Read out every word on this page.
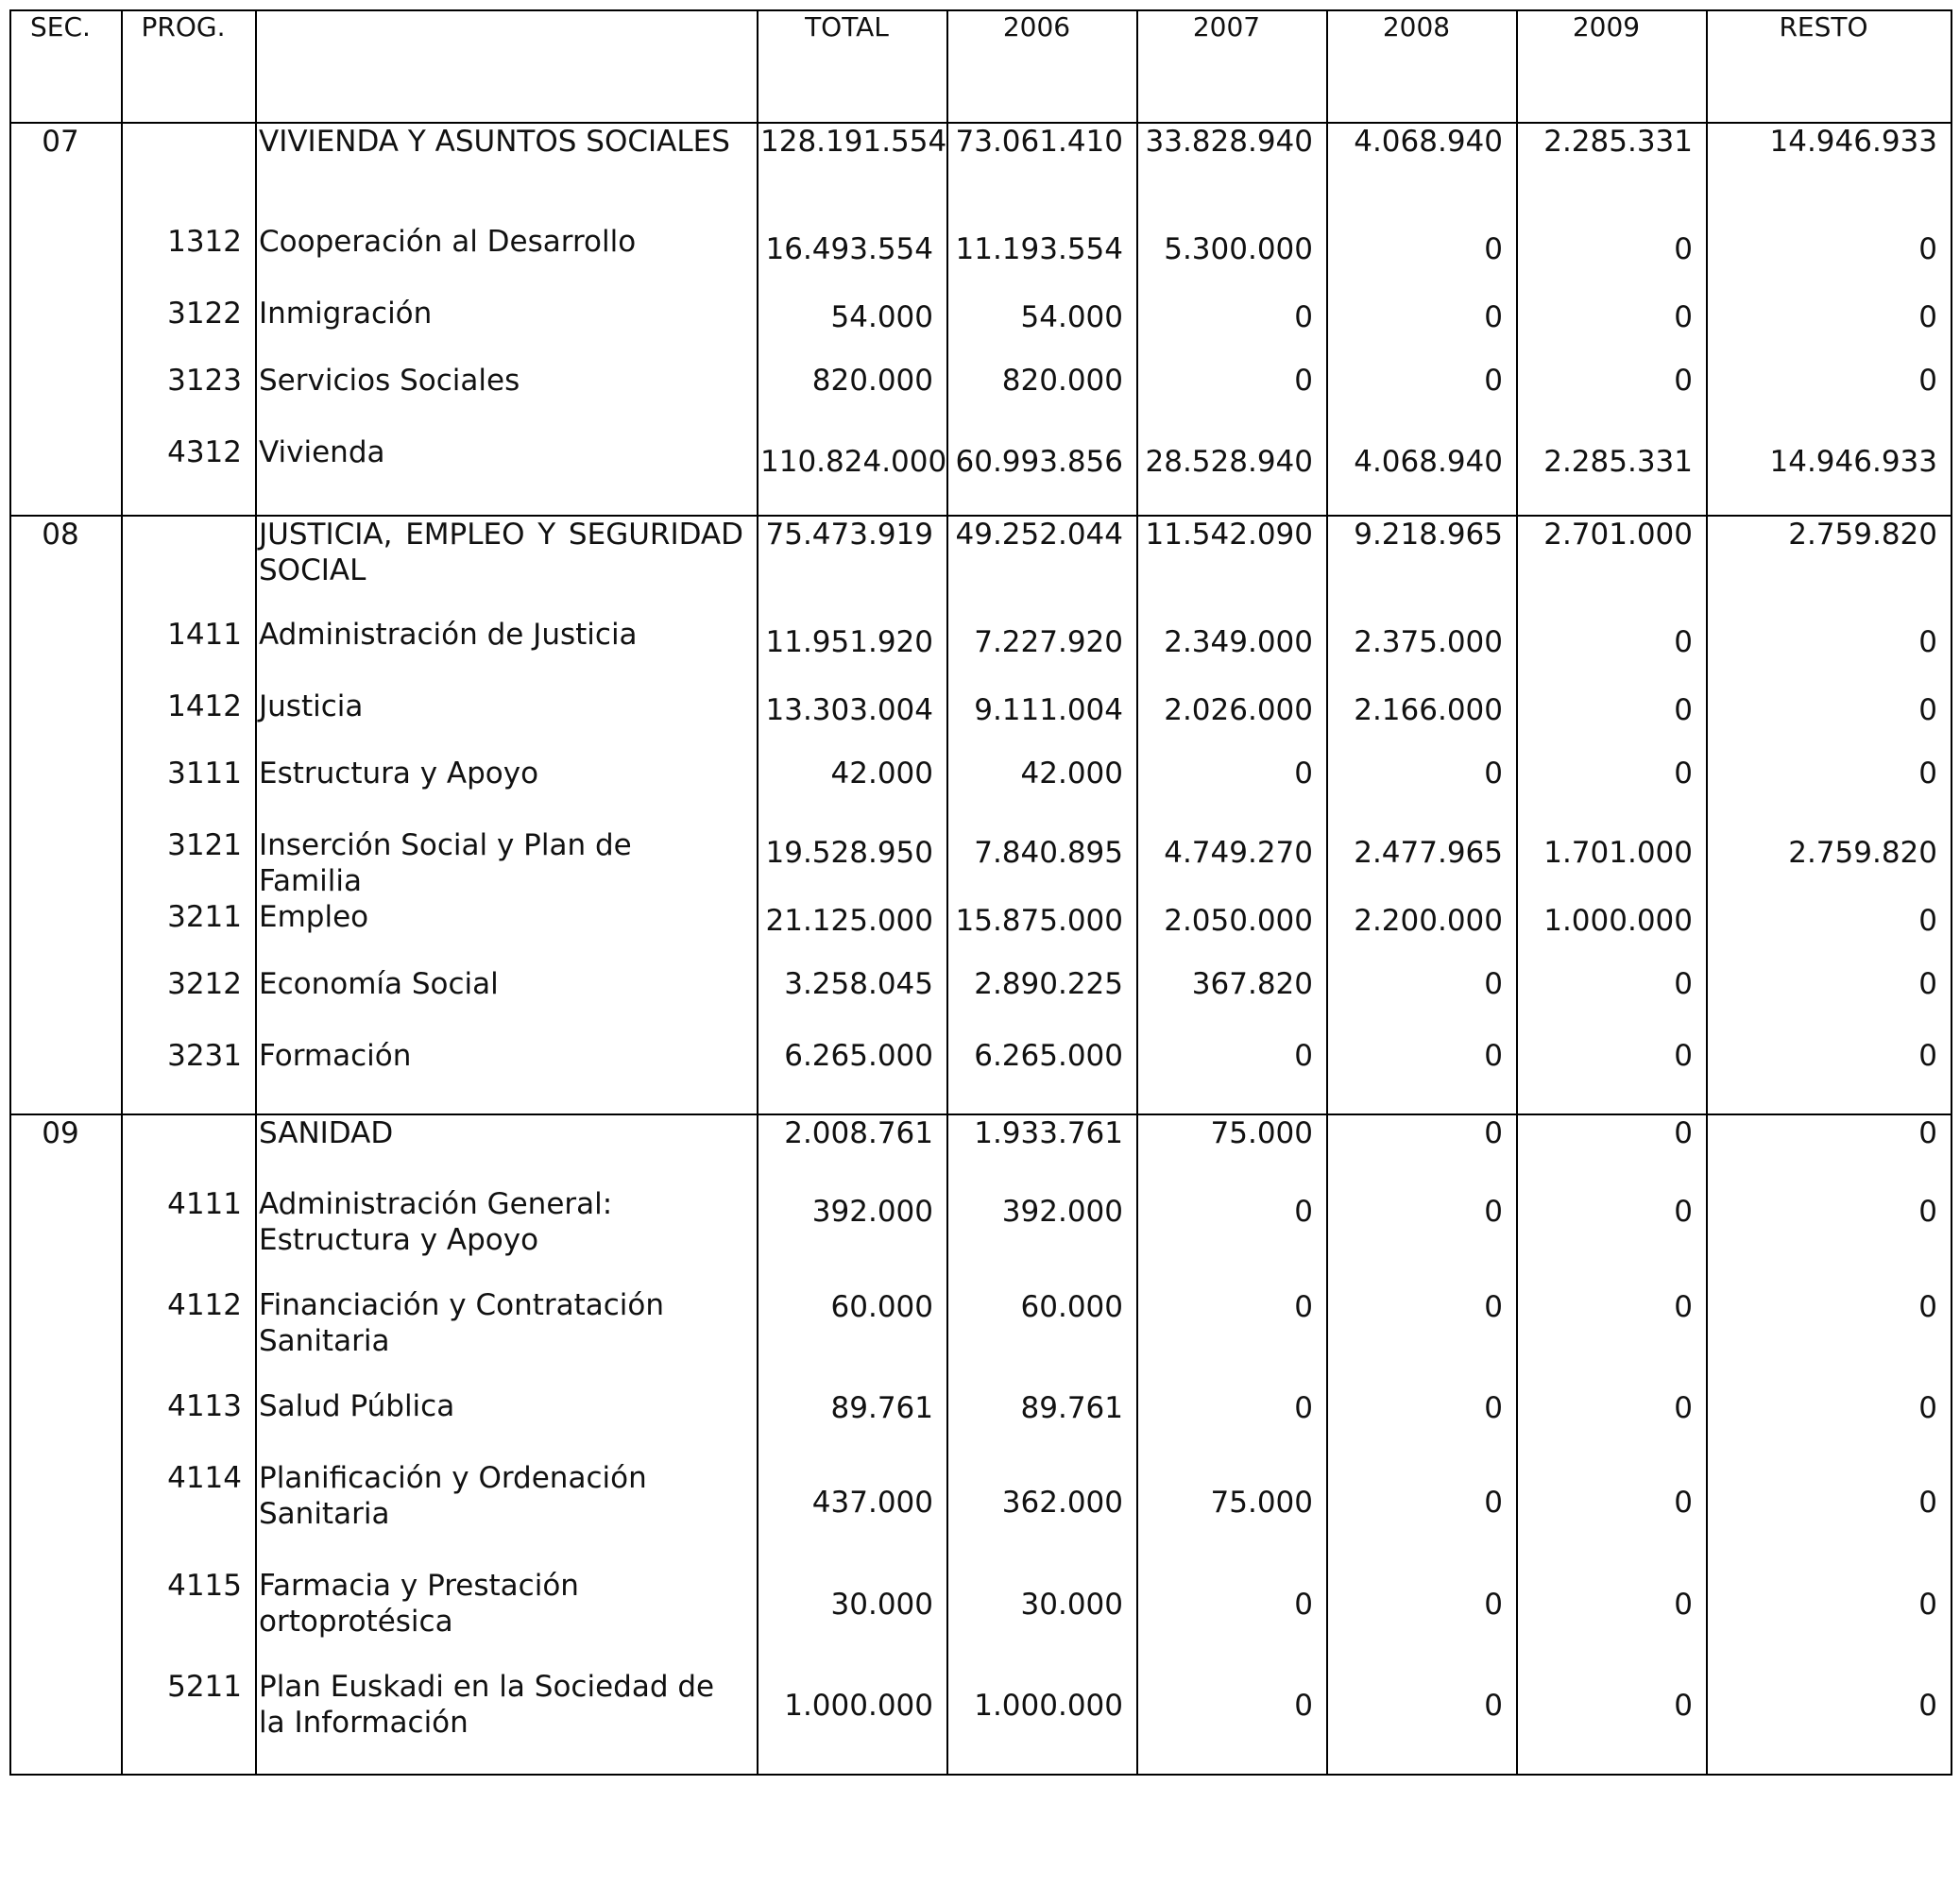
SEC.	PROG.		TOTAL	2006	2007	2008	2009	RESTO
07		VIVIENDA Y ASUNTOS SOCIALES	128.191.554	73.061.410	33.828.940	4.068.940	2.285.331	14.946.933
	1312	Cooperación al Desarrollo	16.493.554	11.193.554	5.300.000	0	0	0
	3122	Inmigración	54.000	54.000	0	0	0	0
	3123	Servicios Sociales	820.000	820.000	0	0	0	0
	4312	Vivienda	110.824.000	60.993.856	28.528.940	4.068.940	2.285.331	14.946.933
08		JUSTICIA, EMPLEO Y SEGURIDAD SOCIAL	75.473.919	49.252.044	11.542.090	9.218.965	2.701.000	2.759.820
	1411	Administración de Justicia	11.951.920	7.227.920	2.349.000	2.375.000	0	0
	1412	Justicia	13.303.004	9.111.004	2.026.000	2.166.000	0	0
	3111	Estructura y Apoyo	42.000	42.000	0	0	0	0
	3121	Inserción Social y Plan de Familia	19.528.950	7.840.895	4.749.270	2.477.965	1.701.000	2.759.820
	3211	Empleo	21.125.000	15.875.000	2.050.000	2.200.000	1.000.000	0
	3212	Economía Social	3.258.045	2.890.225	367.820	0	0	0
	3231	Formación	6.265.000	6.265.000	0	0	0	0
09		SANIDAD	2.008.761	1.933.761	75.000	0	0	0
	4111	Administración General: Estructura y Apoyo	392.000	392.000	0	0	0	0
	4112	Financiación y Contratación Sanitaria	60.000	60.000	0	0	0	0
	4113	Salud Pública	89.761	89.761	0	0	0	0
	4114	Planificación y Ordenación Sanitaria	437.000	362.000	75.000	0	0	0
	4115	Farmacia y Prestación ortoprotésica	30.000	30.000	0	0	0	0
	5211	Plan Euskadi en la Sociedad de la Información	1.000.000	1.000.000	0	0	0	0
